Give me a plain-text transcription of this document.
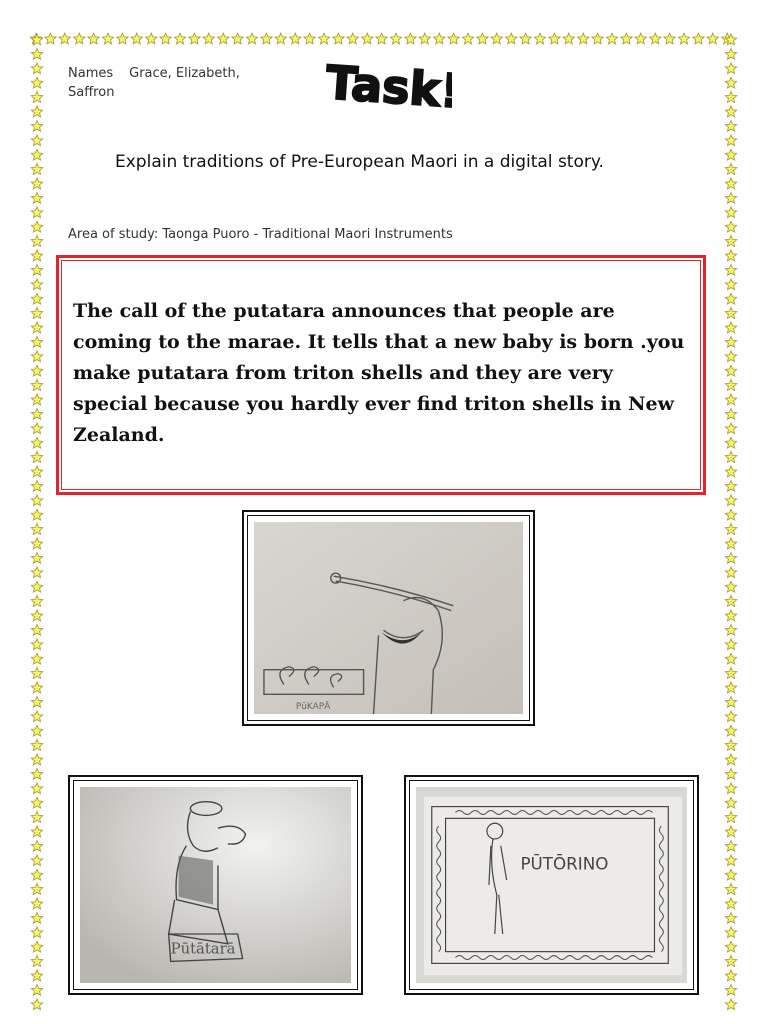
Names Grace, Elizabeth,
Saffron	Task!
Explain traditions of Pre-European Maori in a digital story.
Area of study: Taonga Puoro - Traditional Maori Instruments

The call of the putatara announces that people are coming to the marae. It tells that a new baby is born .you make putatara from triton shells and they are very special because you hardly ever find triton shells in New Zealand.

PūKAPĀ
Pūtātarā
PŪTŌRINO
